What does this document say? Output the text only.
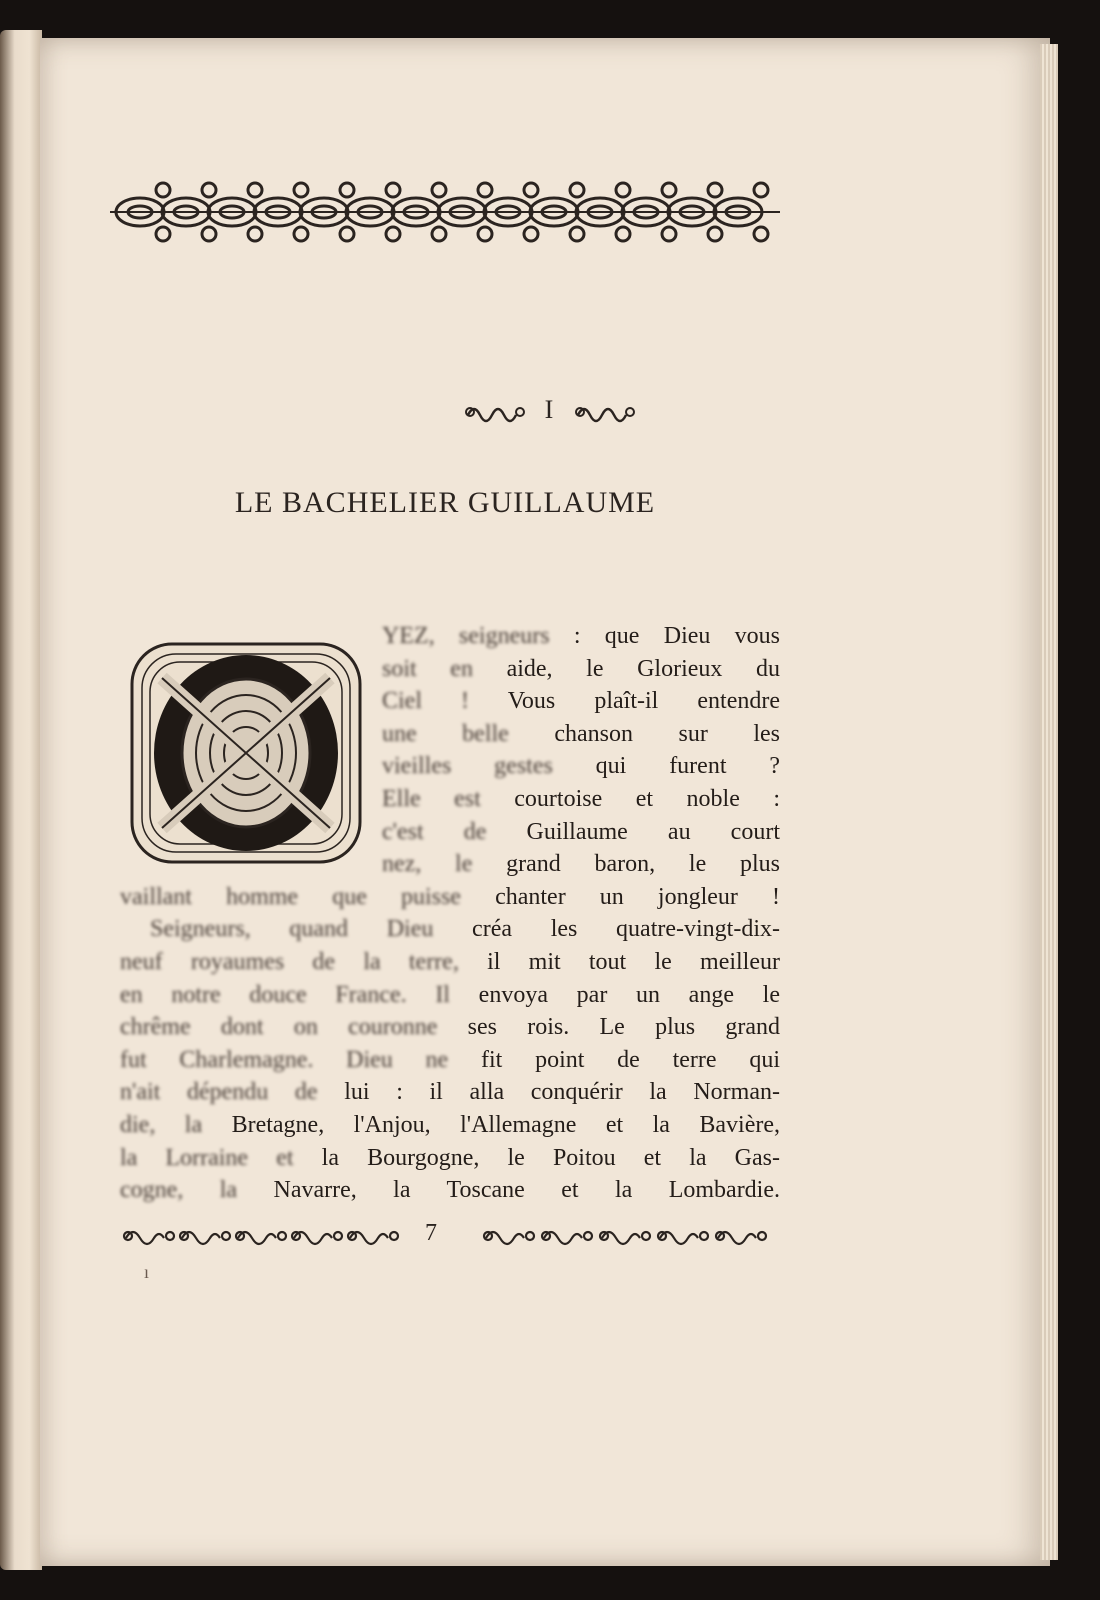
I
LE BACHELIER GUILLAUME
YEZ, seigneurs : que Dieu vous
soit en aide, le Glorieux du
Ciel ! Vous plaît-il entendre
une belle chanson sur les
vieilles gestes qui furent ?
Elle est courtoise et noble :
c'est de Guillaume au court
nez, le grand baron, le plus
vaillant homme que puisse chanter un jongleur !
Seigneurs, quand Dieu créa les quatre-vingt-dix-
neuf royaumes de la terre, il mit tout le meilleur
en notre douce France. Il envoya par un ange le
chrême dont on couronne ses rois. Le plus grand
fut Charlemagne. Dieu ne fit point de terre qui
n'ait dépendu de lui : il alla conquérir la Norman-
die, la Bretagne, l'Anjou, l'Allemagne et la Bavière,
la Lorraine et la Bourgogne, le Poitou et la Gas-
cogne, la Navarre, la Toscane et la Lombardie.
7
ı
